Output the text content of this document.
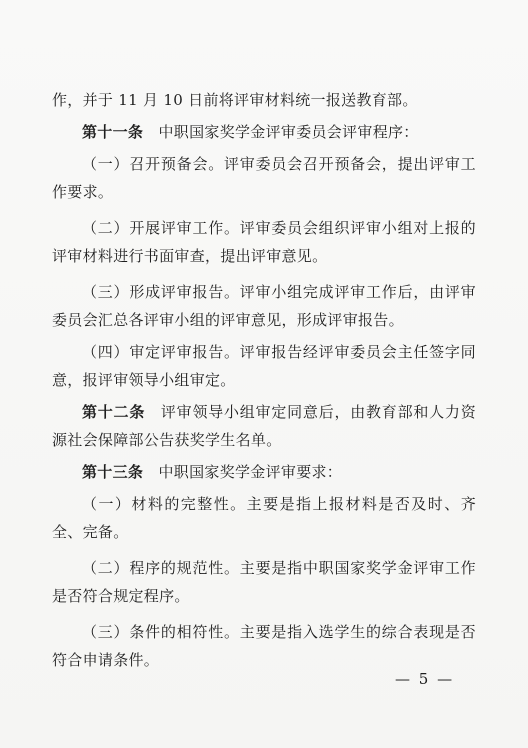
作，并于 11 月 10 日前将评审材料统一报送教育部。

第十一条　中职国家奖学金评审委员会评审程序：

（一）召开预备会。评审委员会召开预备会，提出评审工作要求。

（二）开展评审工作。评审委员会组织评审小组对上报的评审材料进行书面审查，提出评审意见。

（三）形成评审报告。评审小组完成评审工作后，由评审委员会汇总各评审小组的评审意见，形成评审报告。

（四）审定评审报告。评审报告经评审委员会主任签字同意，报评审领导小组审定。

第十二条　评审领导小组审定同意后，由教育部和人力资源社会保障部公告获奖学生名单。

第十三条　中职国家奖学金评审要求：

（一）材料的完整性。主要是指上报材料是否及时、齐全、完备。

（二）程序的规范性。主要是指中职国家奖学金评审工作是否符合规定程序。

（三）条件的相符性。主要是指入选学生的综合表现是否符合申请条件。

— 5 —
